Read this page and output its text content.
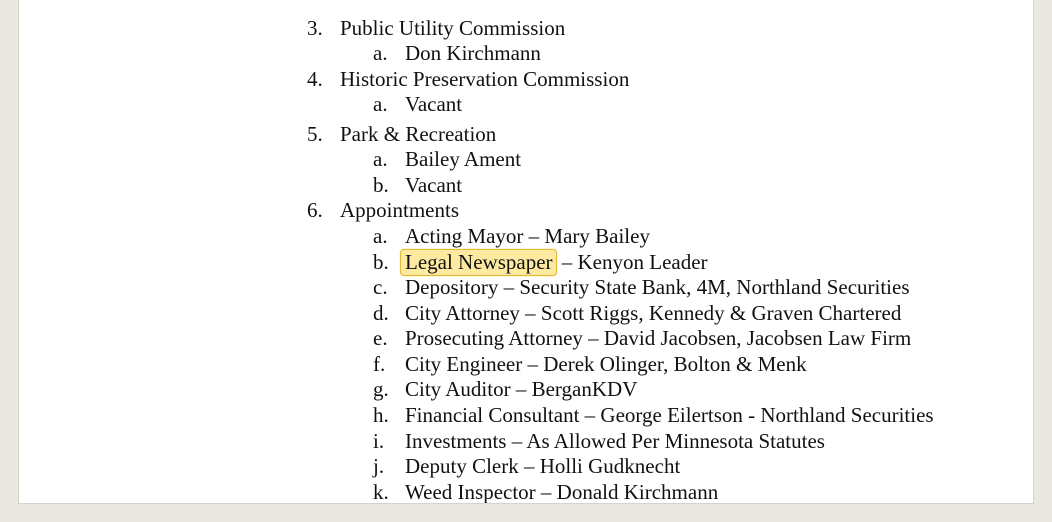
3. Public Utility Commission
a. Don Kirchmann
4. Historic Preservation Commission
a. Vacant
5. Park & Recreation
a. Bailey Ament
b. Vacant
6. Appointments
a. Acting Mayor – Mary Bailey
b. Legal Newspaper – Kenyon Leader
c. Depository – Security State Bank, 4M, Northland Securities
d. City Attorney – Scott Riggs, Kennedy & Graven Chartered
e. Prosecuting Attorney – David Jacobsen, Jacobsen Law Firm
f. City Engineer – Derek Olinger, Bolton & Menk
g. City Auditor – BerganKDV
h. Financial Consultant – George Eilertson - Northland Securities
i. Investments – As Allowed Per Minnesota Statutes
j. Deputy Clerk – Holli Gudknecht
k. Weed Inspector – Donald Kirchmann
